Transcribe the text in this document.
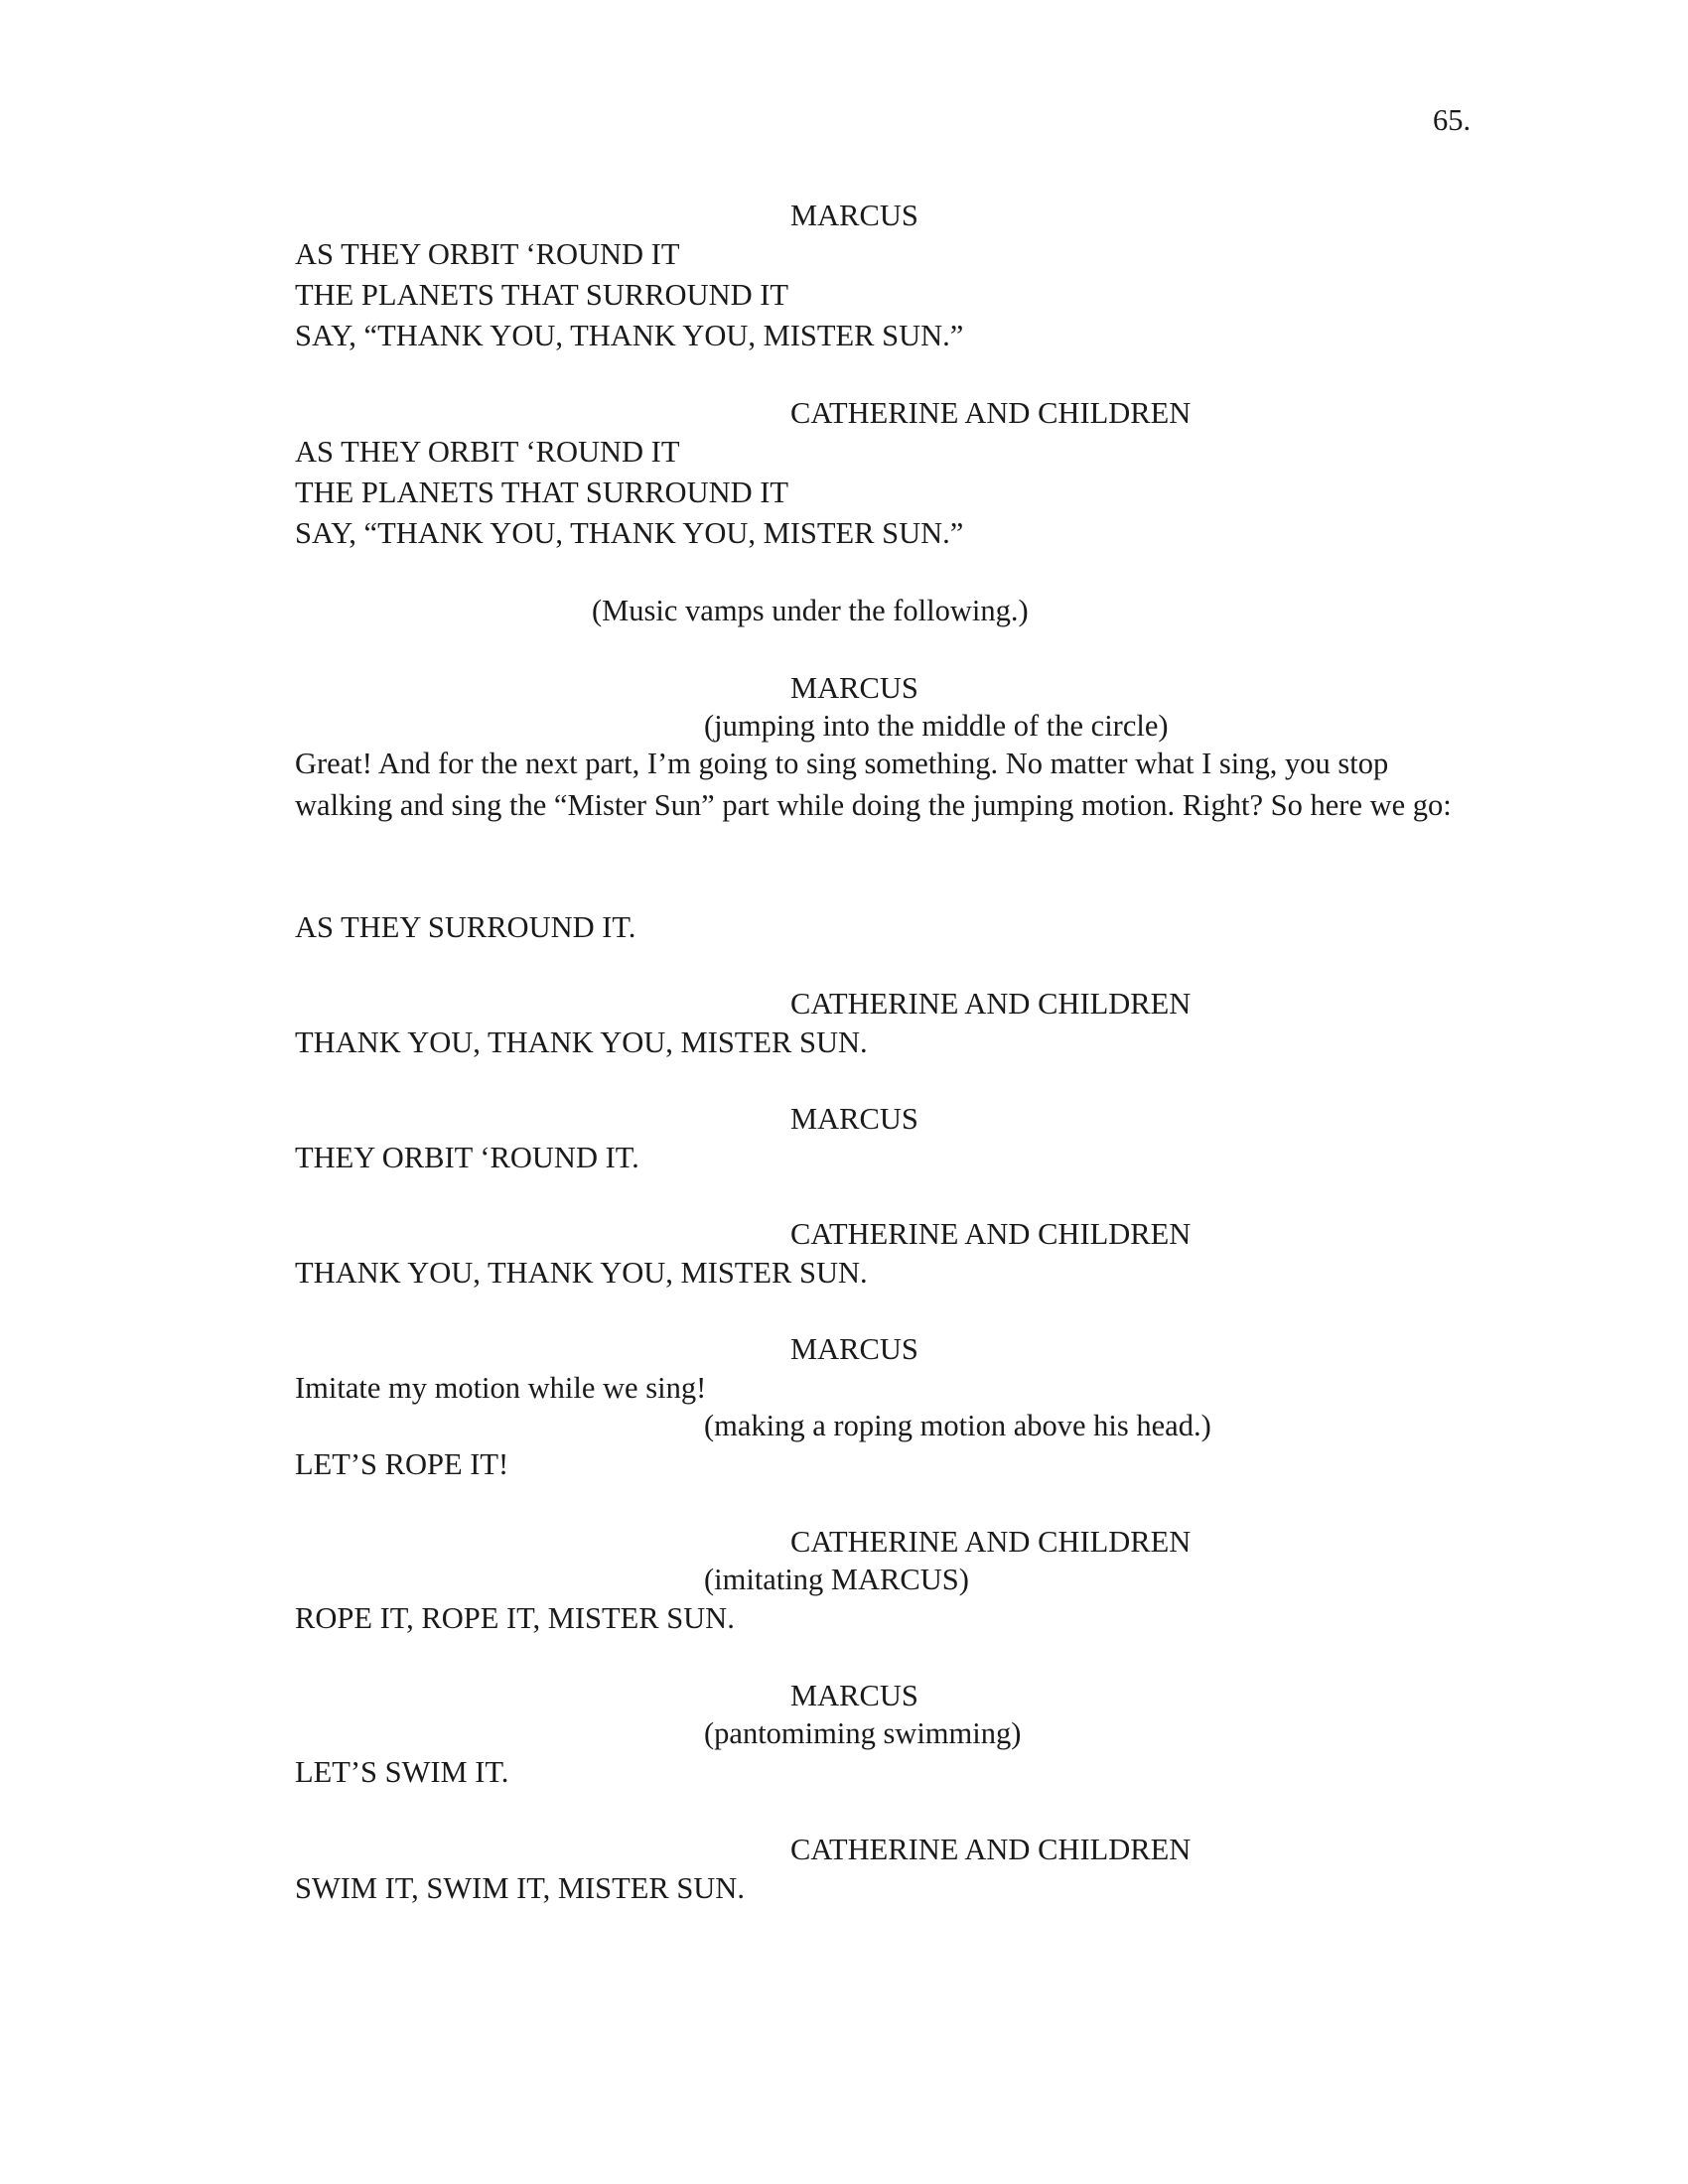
65.
MARCUS
AS THEY ORBIT ‘ROUND IT
THE PLANETS THAT SURROUND IT
SAY, “THANK YOU, THANK YOU, MISTER SUN.”
CATHERINE AND CHILDREN
AS THEY ORBIT ‘ROUND IT
THE PLANETS THAT SURROUND IT
SAY, “THANK YOU, THANK YOU, MISTER SUN.”
(Music vamps under the following.)
MARCUS
(jumping into the middle of the circle)
Great! And for the next part, I’m going to sing something. No matter what I sing, you stop walking and sing the “Mister Sun” part while doing the jumping motion. Right? So here we go:
AS THEY SURROUND IT.
CATHERINE AND CHILDREN
THANK YOU, THANK YOU, MISTER SUN.
MARCUS
THEY ORBIT ‘ROUND IT.
CATHERINE AND CHILDREN
THANK YOU, THANK YOU, MISTER SUN.
MARCUS
Imitate my motion while we sing!
(making a roping motion above his head.)
LET’S ROPE IT!
CATHERINE AND CHILDREN
(imitating MARCUS)
ROPE IT, ROPE IT, MISTER SUN.
MARCUS
(pantomiming swimming)
LET’S SWIM IT.
CATHERINE AND CHILDREN
SWIM IT, SWIM IT, MISTER SUN.
